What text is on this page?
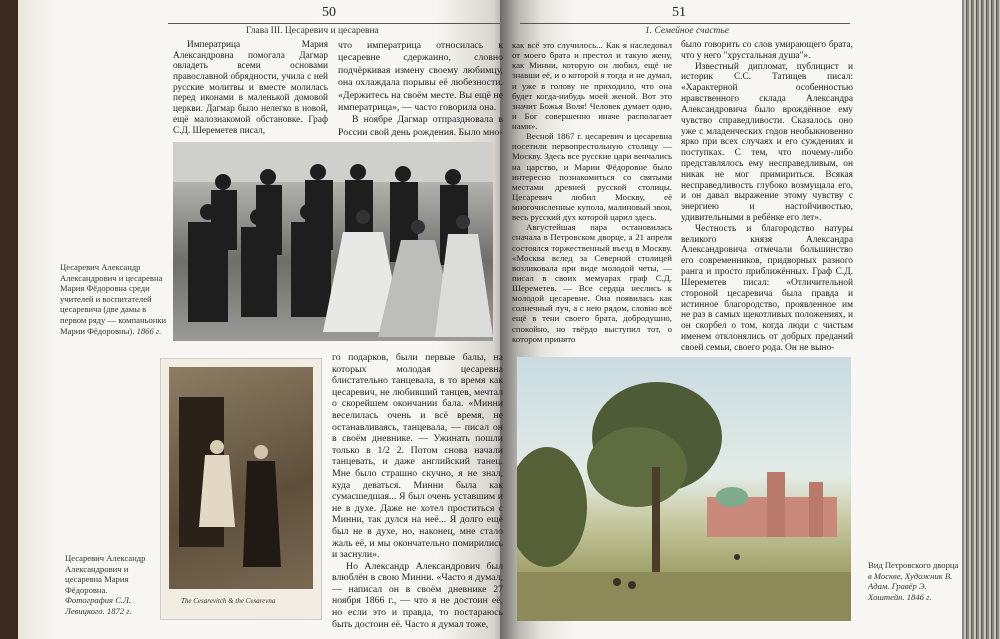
50
Глава III. Цесаревич и цесаревна

Императрица Мария Александровна помогала Дагмар овладеть всеми основами православной обрядности, учила с ней русские молитвы и вместе молилась перед иконами в маленькой домовой церкви. Дагмар было нелегко в новой, ещё малознакомой обстановке. Граф С.Д. Шереметев писал,

что императрица относилась к цесаревне сдержанно, словно подчёркивая измену своему любимцу, она охлаждала порывы её любезности. «Держитесь на своём месте. Вы ещё не императрица», — часто говорила она.

В ноябре Дагмар отпраздновала в России свой день рождения. Было мно-

Цесаревич Александр Александрович и цесаревна Мария Фёдоровна среди учителей и воспитателей цесаревича (две дамы в первом ряду — компаньонки Марии Фёдоровны). 1866 г.
The Cesarevitch & the Cesarevna
Цесаревич Александр Александрович и цесаревна Мария Фёдоровна. Фотография С.Л. Левицкого. 1872 г.

го подарков, были первые балы, на которых молодая цесаревна блистательно танцевала, в то время как цесаревич, не любивший танцев, мечтал о скорейшем окончании бала. «Минни веселилась очень и всё время, не останавливаясь, танцевала, — писал он в своём дневнике. — Ужинать пошли только в 1/2 2. Потом снова начали танцевать, и даже английский танец. Мне было страшно скучно, я не знал, куда деваться. Минни была как сумасшедшая... Я был очень уставшим и не в духе. Даже не хотел проститься с Минни, так дулся на неё... Я долго ещё был не в духе, но, наконец, мне стало жаль её, и мы окончательно помирились и заснули».

Но Александр Александрович был влюблён в свою Минни. «Часто я думал, — написал он в своём дневнике 27 ноября 1866 г., — что я не достоин её, но если это и правда, то постараюсь быть достоин её. Часто я думал тоже,

51
1. Семейное счастье

как всё это случилось... Как я наследовал от моего брата и престол и такую жену, как Минни, которую он любил, ещё не знавши её, и о которой я тогда и не думал, и уже в голову не приходило, что она будет когда-нибудь моей женой. Вот это значит Божья Воля! Человек думает одно, и Бог совершенно иначе располагает нами».

Весной 1867 г. цесаревич и цесаревна посетили первопрестольную столицу — Москву. Здесь все русские цари венчались на царство, и Марии Фёдоровне было интересно познакомиться со святыми местами древней русской столицы. Цесаревич любил Москву, её многочисленные купола, малиновый звон, весь русский дух которой царил здесь.

Августейшая пара остановилась сначала в Петровском дворце, а 21 апреля состоялся торжественный въезд в Москву. «Москва вслед за Северной столицей возликовала при виде молодой четы, — писал в своих мемуарах граф С.Д. Шереметев. — Все сердца неслись к молодой цесаревне. Она появилась как солнечный луч, а с нею рядом, словно всё ещё в тени своего брата, добродушно, спокойно, но твёрдо выступил тот, о котором принято

было говорить со слов умирающего брата, что у него "хрустальная душа"».

Известный дипломат, публицист и историк С.С. Татищев писал: «Характерной особенностью нравственного склада Александра Александровича было врождённое ему чувство справедливости. Сказалось оно уже с младенческих годов необыкновенно ярко при всех случаях и его суждениях и поступках. С тем, что почему-либо представлялось ему несправедливым, он никак не мог примириться. Всякая несправедливость глубоко возмущала его, и он давал выражение этому чувству с энергиею и настойчивостью, удивительными в ребёнке его лет».

Честность и благородство натуры великого князя Александра Александровича отмечали большинство его современников, придворных разного ранга и просто приближённых. Граф С.Д. Шереметев писал: «Отличительной стороной цесаревича была правда и истинное благородство, проявленное им не раз в самых щекотливых положениях, и он скорбел о том, когда люди с чистым именем отклонялись от добрых преданий своей семьи, своего рода. Он не выно-

Вид Петровского дворца в Москве. Художник В. Адам. Гравёр Э. Хоштейн. 1846 г.
